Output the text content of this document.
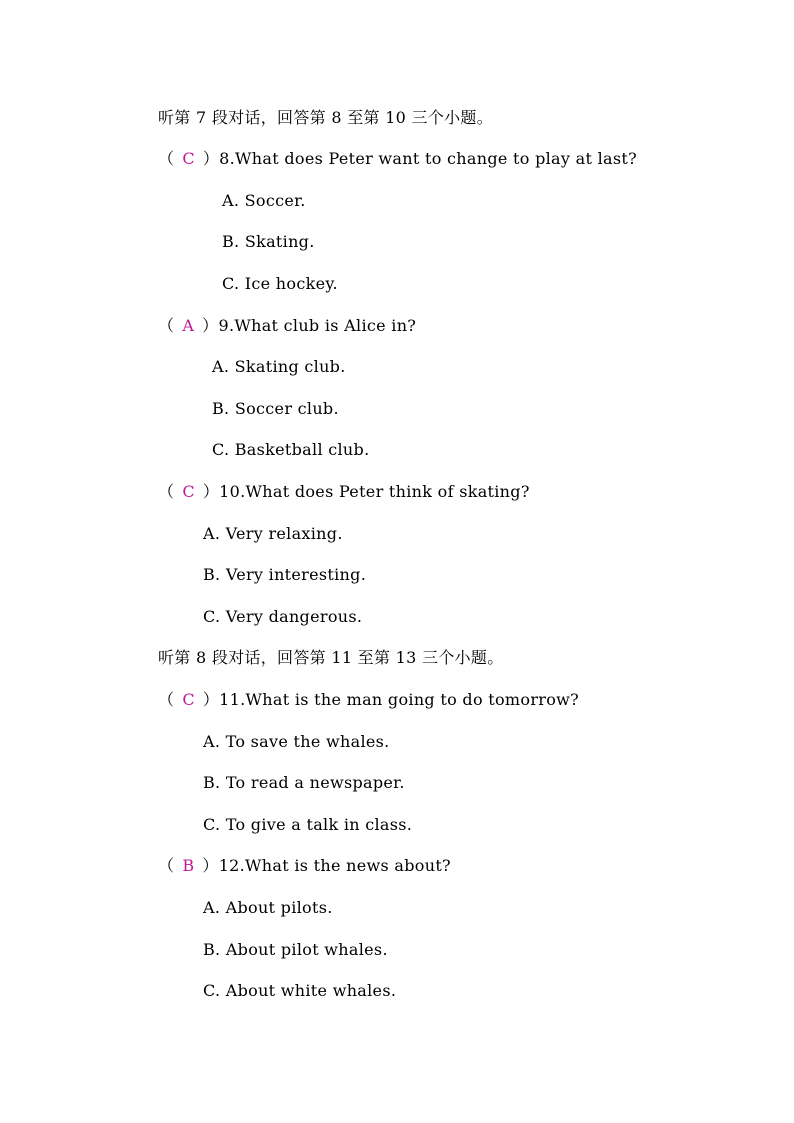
听第 7 段对话，回答第 8 至第 10 三个小题。
（ C ）8.What does Peter want to change to play at last?
A. Soccer.
B. Skating.
C. Ice hockey.
（ A ）9.What club is Alice in?
A. Skating club.
B. Soccer club.
C. Basketball club.
（ C ）10.What does Peter think of skating?
A. Very relaxing.
B. Very interesting.
C. Very dangerous.
听第 8 段对话，回答第 11 至第 13 三个小题。
（ C ）11.What is the man going to do tomorrow?
A. To save the whales.
B. To read a newspaper.
C. To give a talk in class.
（ B ）12.What is the news about?
A. About pilots.
B. About pilot whales.
C. About white whales.
